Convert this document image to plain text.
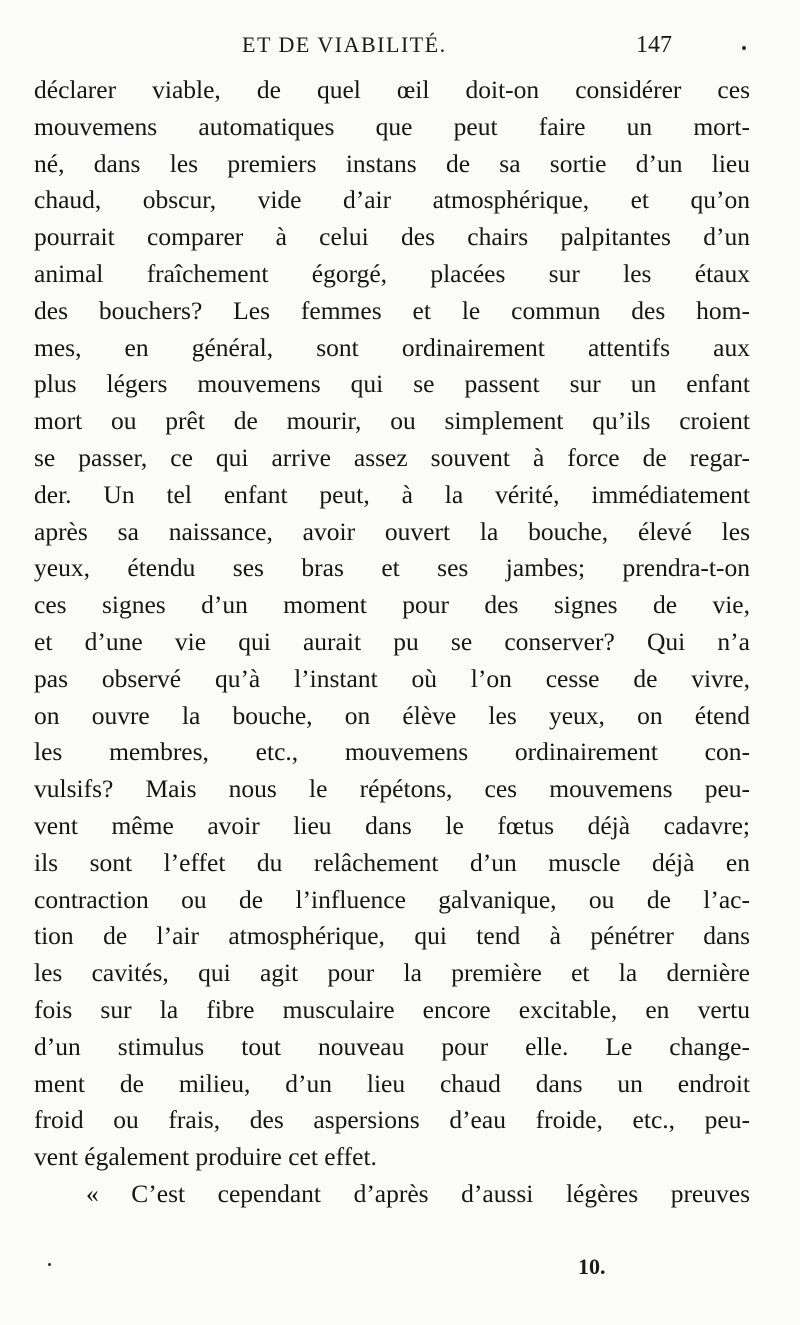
ET DE VIABILITÉ.	147
déclarer viable, de quel œil doit-on considérer ces
mouvemens automatiques que peut faire un mort-
né, dans les premiers instans de sa sortie d’un lieu
chaud, obscur, vide d’air atmosphérique, et qu’on
pourrait comparer à celui des chairs palpitantes d’un
animal fraîchement égorgé, placées sur les étaux
des bouchers? Les femmes et le commun des hom-
mes, en général, sont ordinairement attentifs aux
plus légers mouvemens qui se passent sur un enfant
mort ou prêt de mourir, ou simplement qu’ils croient
se passer, ce qui arrive assez souvent à force de regar-
der. Un tel enfant peut, à la vérité, immédiatement
après sa naissance, avoir ouvert la bouche, élevé les
yeux, étendu ses bras et ses jambes; prendra-t-on
ces signes d’un moment pour des signes de vie,
et d’une vie qui aurait pu se conserver? Qui n’a
pas observé qu’à l’instant où l’on cesse de vivre,
on ouvre la bouche, on élève les yeux, on étend
les membres, etc., mouvemens ordinairement con-
vulsifs? Mais nous le répétons, ces mouvemens peu-
vent même avoir lieu dans le fœtus déjà cadavre;
ils sont l’effet du relâchement d’un muscle déjà en
contraction ou de l’influence galvanique, ou de l’ac-
tion de l’air atmosphérique, qui tend à pénétrer dans
les cavités, qui agit pour la première et la dernière
fois sur la fibre musculaire encore excitable, en vertu
d’un stimulus tout nouveau pour elle. Le change-
ment de milieu, d’un lieu chaud dans un endroit
froid ou frais, des aspersions d’eau froide, etc., peu-
vent également produire cet effet.
« C’est cependant d’après d’aussi légères preuves
10.
